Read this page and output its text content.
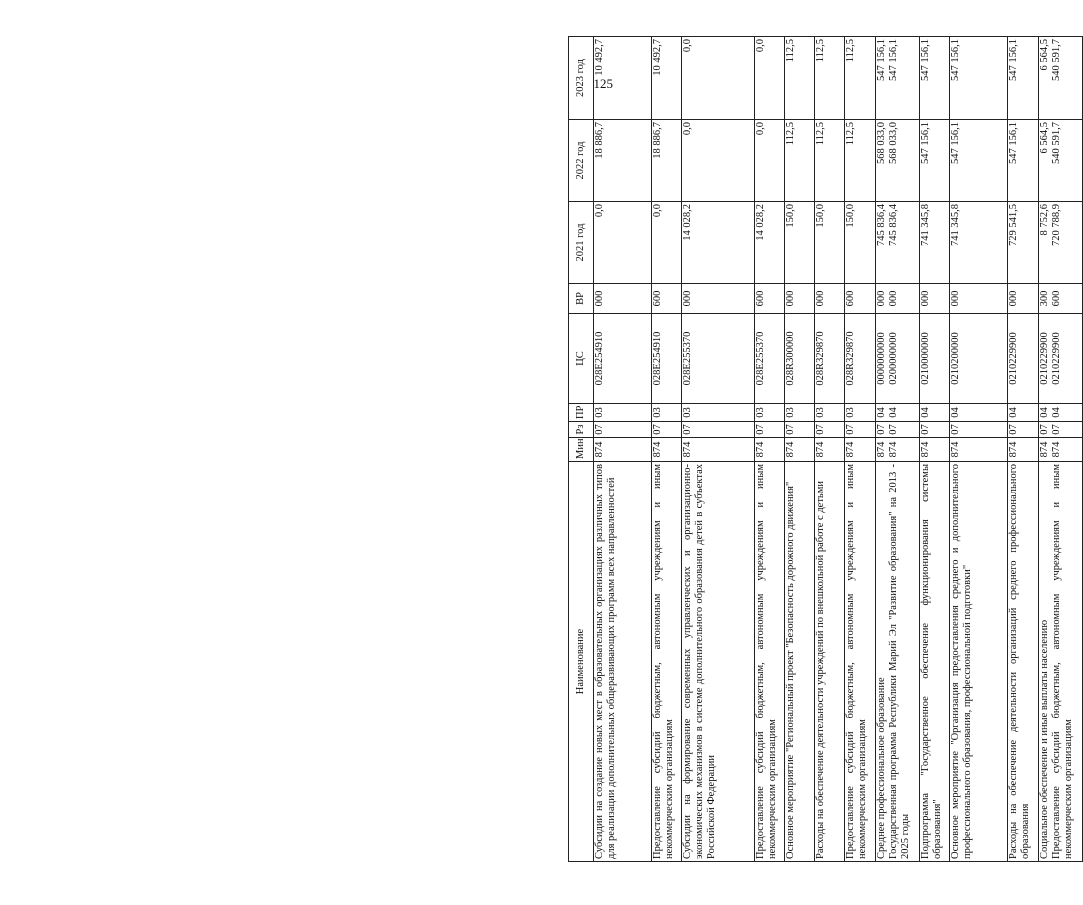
125
Наименование	Мин	Рз	ПР	ЦС	ВР	2021 год	2022 год	2023 год
Субсидии на создание новых мест в образовательных организациях различных типов для реализации дополнительных общеразвивающих программ всех направленностей	874	07	03	028E254910	000	0,0	18 886,7	10 492,7
Предоставление субсидий бюджетным, автономным учреждениям и иным некоммерческим организациям	874	07	03	028E254910	600	0,0	18 886,7	10 492,7
Субсидии на формирование современных управленческих и организационно-экономических механизмов в системе дополнительного образования детей в субъектах Российской Федерации	874	07	03	028E255370	000	14 028,2	0,0	0,0
Предоставление субсидий бюджетным, автономным учреждениям и иным некоммерческим организациям	874	07	03	028E255370	600	14 028,2	0,0	0,0
Основное мероприятие "Региональный проект "Безопасность дорожного движения"	874	07	03	028R300000	000	150,0	112,5	112,5
Расходы на обеспечение деятельности учреждений по внешкольной работе с детьми	874	07	03	028R329870	000	150,0	112,5	112,5
Предоставление субсидий бюджетным, автономным учреждениям и иным некоммерческим организациям	874	07	03	028R329870	600	150,0	112,5	112,5

Среднее профессиональное образование Государственная программа Республики Марий Эл "Развитие образования" на 2013 - 2025 годы	874 874	07 07	04 04	0000000000 0200000000	000 000	745 836,4 745 836,4	568 033,0 568 033,0	547 156,1 547 156,1

Подпрограмма "Государственное обеспечение функционирования системы образования"	874	07	04	0210000000	000	741 345,8	547 156,1	547 156,1
Основное мероприятие "Организация предоставления среднего и дополнительного профессионального образования, профессиональной подготовки"	874	07	04	0210200000	000	741 345,8	547 156,1	547 156,1
Расходы на обеспечение деятельности организаций среднего профессионального образования	874	07	04	0210229900	000	729 541,5	547 156,1	547 156,1

Социальное обеспечение и иные выплаты населению Предоставление субсидий бюджетным, автономным учреждениям и иным некоммерческим организациям	874 874	07 07	04 04	0210229900 0210229900	300 600	8 752,6 720 788,9	6 564,5 540 591,7	6 564,5 540 591,7
